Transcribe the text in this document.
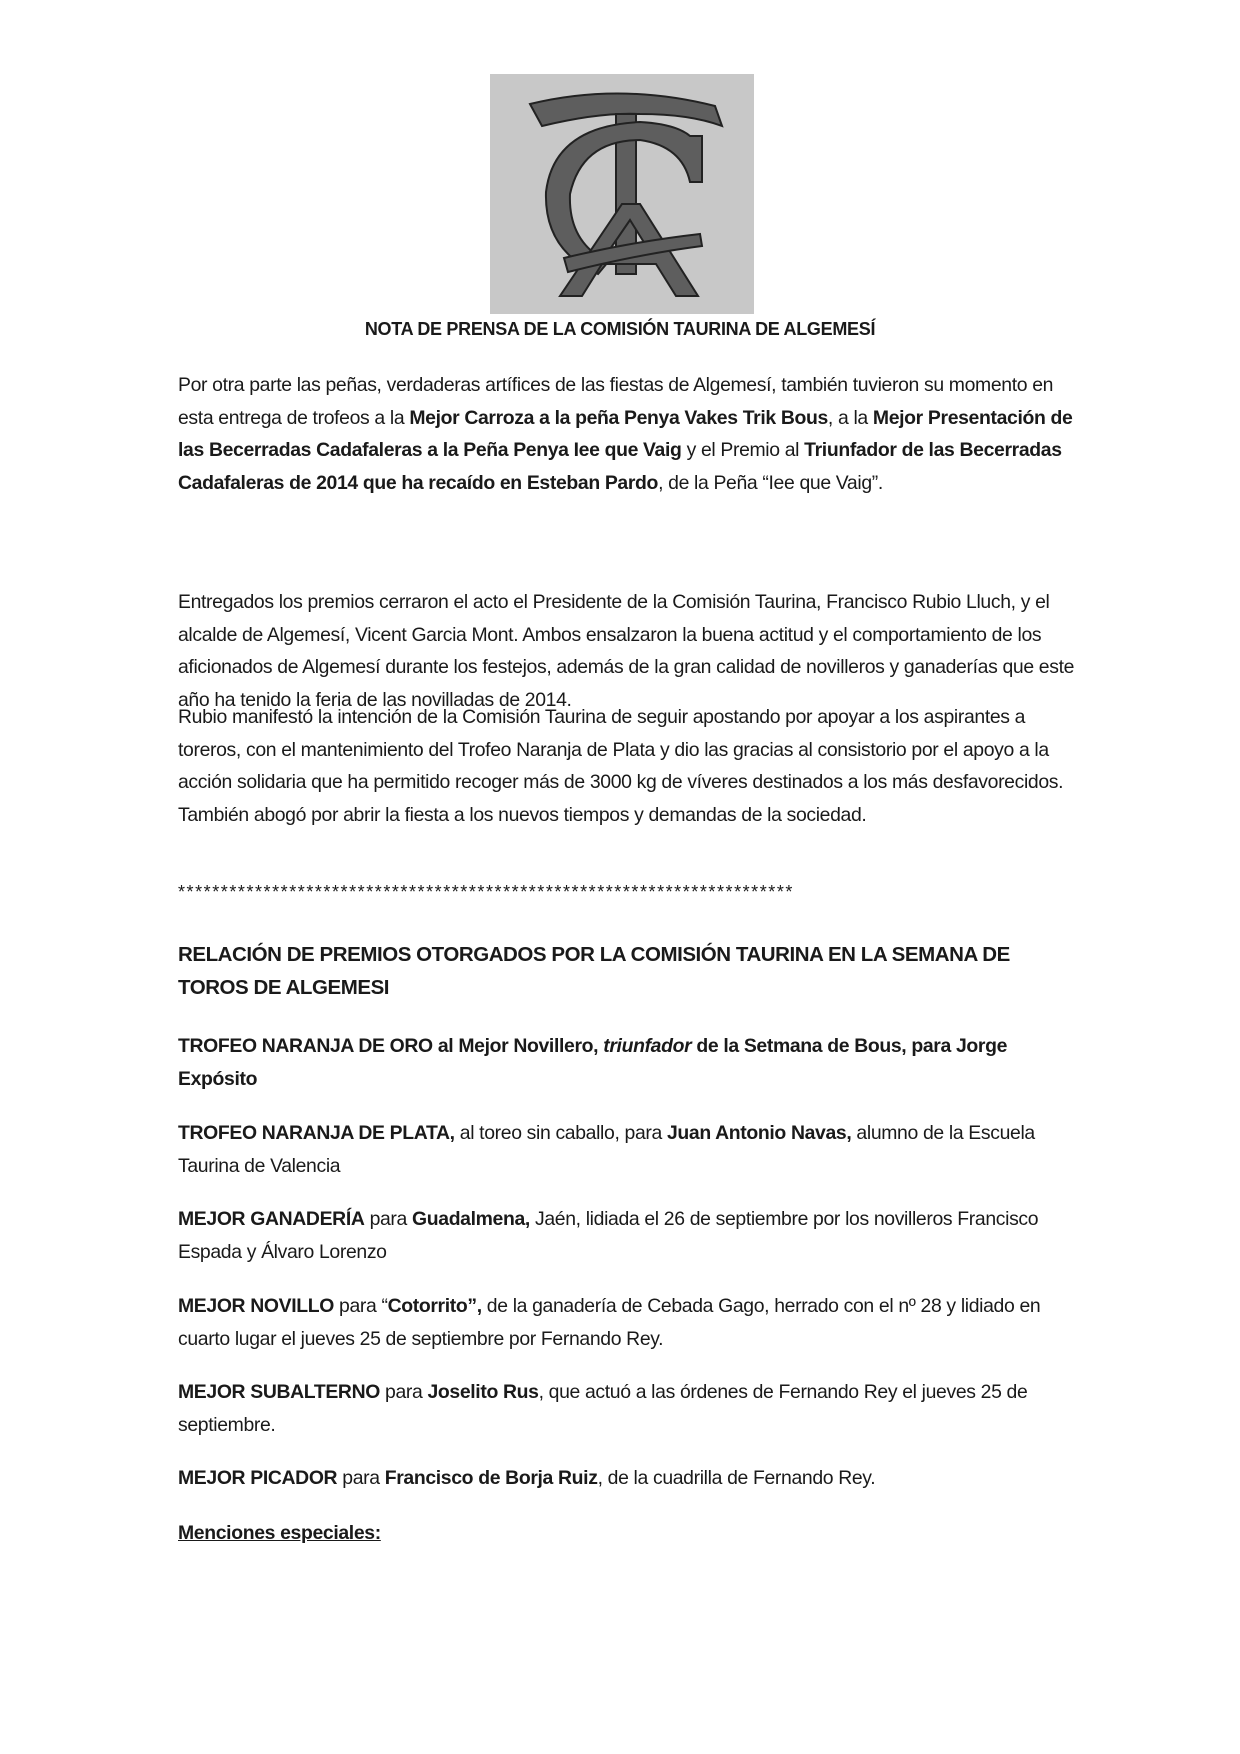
NOTA DE PRENSA DE LA COMISIÓN TAURINA DE ALGEMESÍ

Por otra parte las peñas, verdaderas artífices de las fiestas de Algemesí, también tuvieron su momento en esta entrega de trofeos a la Mejor Carroza a la peña Penya Vakes Trik Bous, a la Mejor Presentación de las Becerradas Cadafaleras a la Peña Penya Iee que Vaig y el Premio al Triunfador de las Becerradas Cadafaleras de 2014 que ha recaído en Esteban Pardo, de la Peña “Iee que Vaig”.

Entregados los premios cerraron el acto el Presidente de la Comisión Taurina, Francisco Rubio Lluch, y el alcalde de Algemesí, Vicent Garcia Mont. Ambos ensalzaron la buena actitud y el comportamiento de los aficionados de Algemesí durante los festejos, además de la gran calidad de novilleros y ganaderías que este año ha tenido la feria de las novilladas de 2014.

Rubio manifestó la intención de la Comisión Taurina de seguir apostando por apoyar a los aspirantes a toreros, con el mantenimiento del Trofeo Naranja de Plata y dio las gracias al consistorio por el apoyo a la acción solidaria que ha permitido recoger más de 3000 kg de víveres destinados a los más desfavorecidos. También abogó por abrir la fiesta a los nuevos tiempos y demandas de la sociedad.

************************************************************************
RELACIÓN DE PREMIOS OTORGADOS POR LA COMISIÓN TAURINA EN LA SEMANA DE TOROS DE ALGEMESI
TROFEO NARANJA DE ORO al Mejor Novillero, triunfador de la Setmana de Bous, para Jorge Expósito
TROFEO NARANJA DE PLATA, al toreo sin caballo, para Juan Antonio Navas, alumno de la Escuela Taurina de Valencia
MEJOR GANADERÍA para Guadalmena, Jaén, lidiada el 26 de septiembre por los novilleros Francisco Espada y Álvaro Lorenzo
MEJOR NOVILLO para “Cotorrito”, de la ganadería de Cebada Gago, herrado con el nº 28 y lidiado en cuarto lugar el jueves 25 de septiembre por Fernando Rey.
MEJOR SUBALTERNO para Joselito Rus, que actuó a las órdenes de Fernando Rey el jueves 25 de septiembre.
MEJOR PICADOR para Francisco de Borja Ruiz, de la cuadrilla de Fernando Rey.
Menciones especiales:
